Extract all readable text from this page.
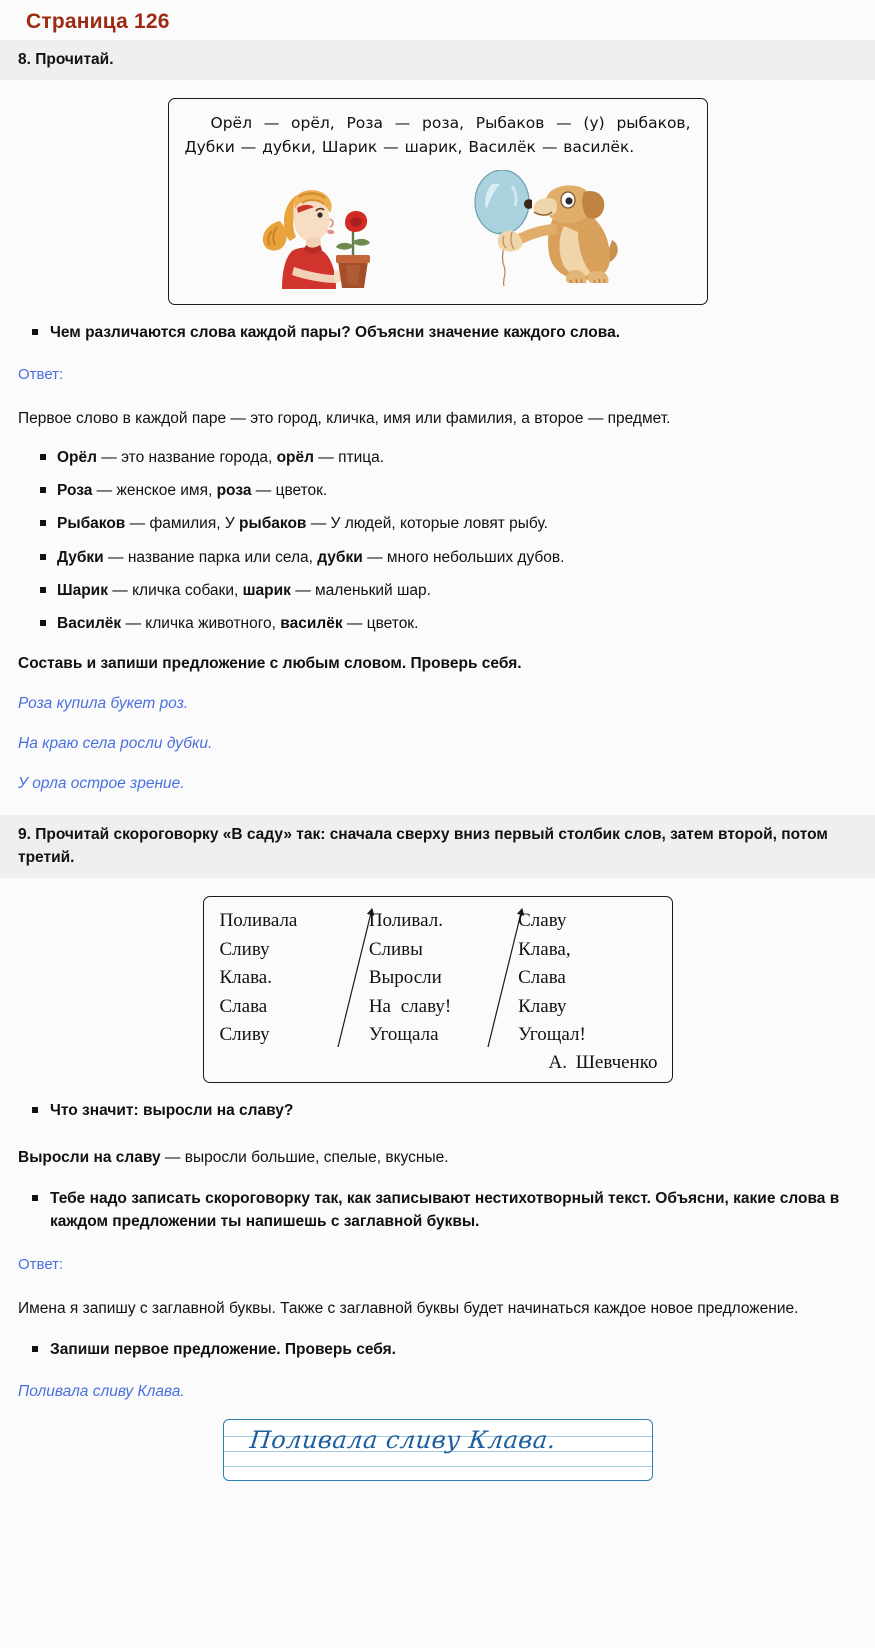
Страница 126
8. Прочитай.
Орёл — орёл, Роза — роза, Рыбаков — (у) рыбаков, Дубки — дубки, Шарик — шарик, Василёк — василёк.
Чем различаются слова каждой пары? Объясни значение каждого слова.
Ответ:
Первое слово в каждой паре — это город, кличка, имя или фамилия, а второе — предмет.
Орёл — это название города, орёл — птица.
Роза — женское имя, роза — цветок.
Рыбаков — фамилия, У рыбаков — У людей, которые ловят рыбу.
Дубки — название парка или села, дубки — много небольших дубов.
Шарик — кличка собаки, шарик — маленький шар.
Василёк — кличка животного, василёк — цветок.
Составь и запиши предложение с любым словом. Проверь себя.
Роза купила букет роз.
На краю села росли дубки.
У орла острое зрение.
9. Прочитай скороговорку «В саду» так: сначала сверху вниз первый столбик слов, затем второй, потом третий.
Поливала
Сливу
Клава.
Слава
Сливу
Поливал.
Сливы
Выросли
На славу!
Угощала
Славу
Клава,
Слава
Клаву
Угощал!
А. Шевченко
Что значит: выросли на славу?
Выросли на славу — выросли большие, спелые, вкусные.
Тебе надо записать скороговорку так, как записывают нестихотворный текст. Объясни, какие слова в каждом предложении ты напишешь с заглавной буквы.
Ответ:
Имена я запишу с заглавной буквы. Также с заглавной буквы будет начинаться каждое новое предложение.
Запиши первое предложение. Проверь себя.
Поливала сливу Клава.
Поливала сливу Клава.
